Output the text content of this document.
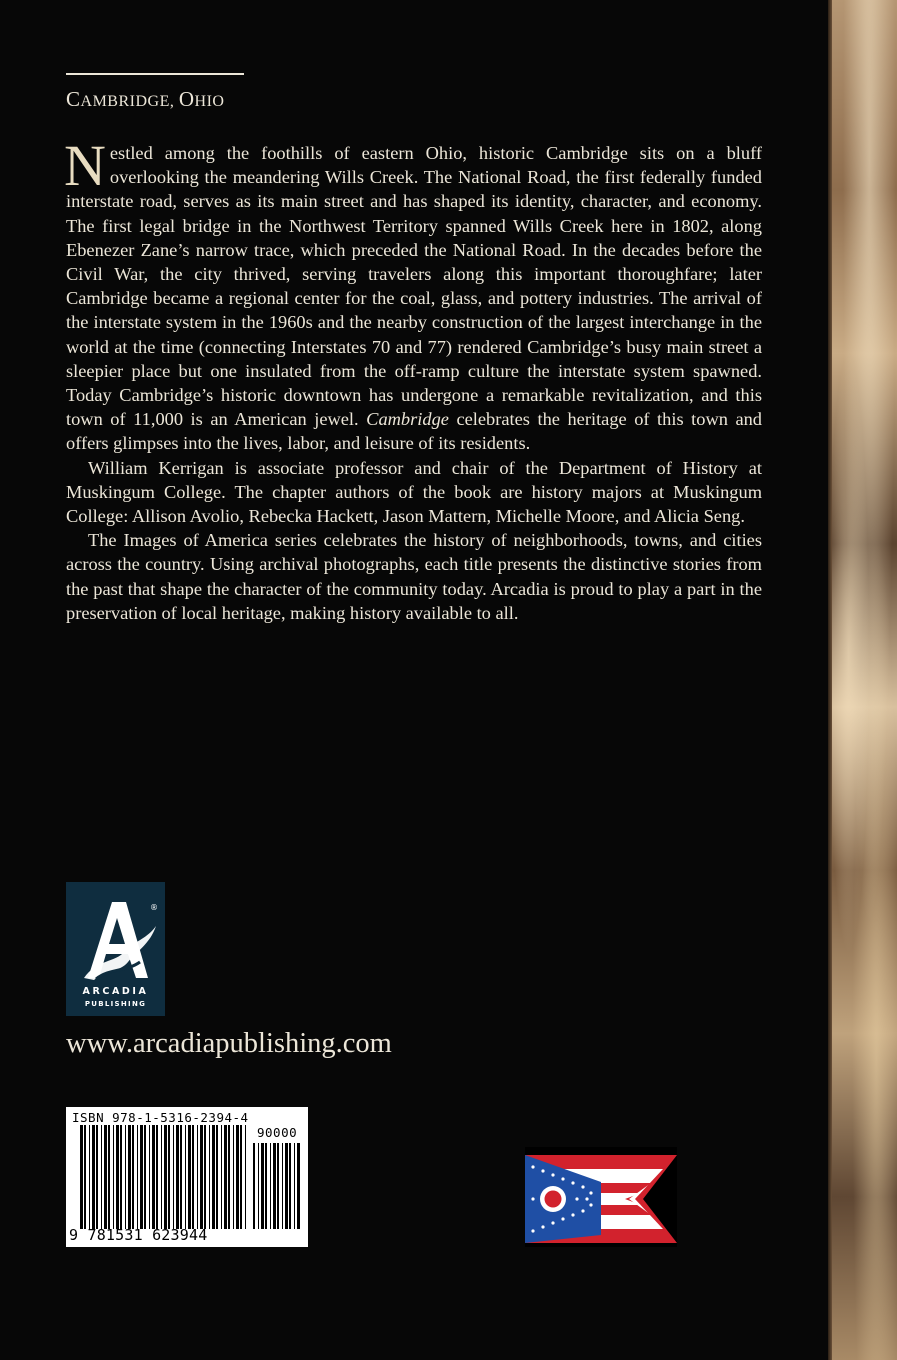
CAMBRIDGE, OHIO

Nestled among the foothills of eastern Ohio, historic Cambridge sits on a bluff overlooking the meandering Wills Creek. The National Road, the first federally funded interstate road, serves as its main street and has shaped its identity, character, and economy. The first legal bridge in the Northwest Territory spanned Wills Creek here in 1802, along Ebenezer Zane’s narrow trace, which preceded the National Road. In the decades before the Civil War, the city thrived, serving travelers along this important thoroughfare; later Cambridge became a regional center for the coal, glass, and pottery industries. The arrival of the interstate system in the 1960s and the nearby construction of the largest interchange in the world at the time (connecting Interstates 70 and 77) rendered Cambridge’s busy main street a sleepier place but one insulated from the off-ramp culture the interstate system spawned. Today Cambridge’s historic downtown has undergone a remarkable revitalization, and this town of 11,000 is an American jewel. Cambridge celebrates the heritage of this town and offers glimpses into the lives, labor, and leisure of its residents.

William Kerrigan is associate professor and chair of the Department of History at Muskingum College. The chapter authors of the book are history majors at Muskingum College: Allison Avolio, Rebecka Hackett, Jason Mattern, Michelle Moore, and Alicia Seng.

The Images of America series celebrates the history of neighborhoods, towns, and cities across the country. Using archival photographs, each title presents the distinctive stories from the past that shape the character of the community today. Arcadia is proud to play a part in the preservation of local heritage, making history available to all.

®
ARCADIA
PUBLISHING
www.arcadiapublishing.com
ISBN 978-1-5316-2394-4
90000
9 781531 623944
